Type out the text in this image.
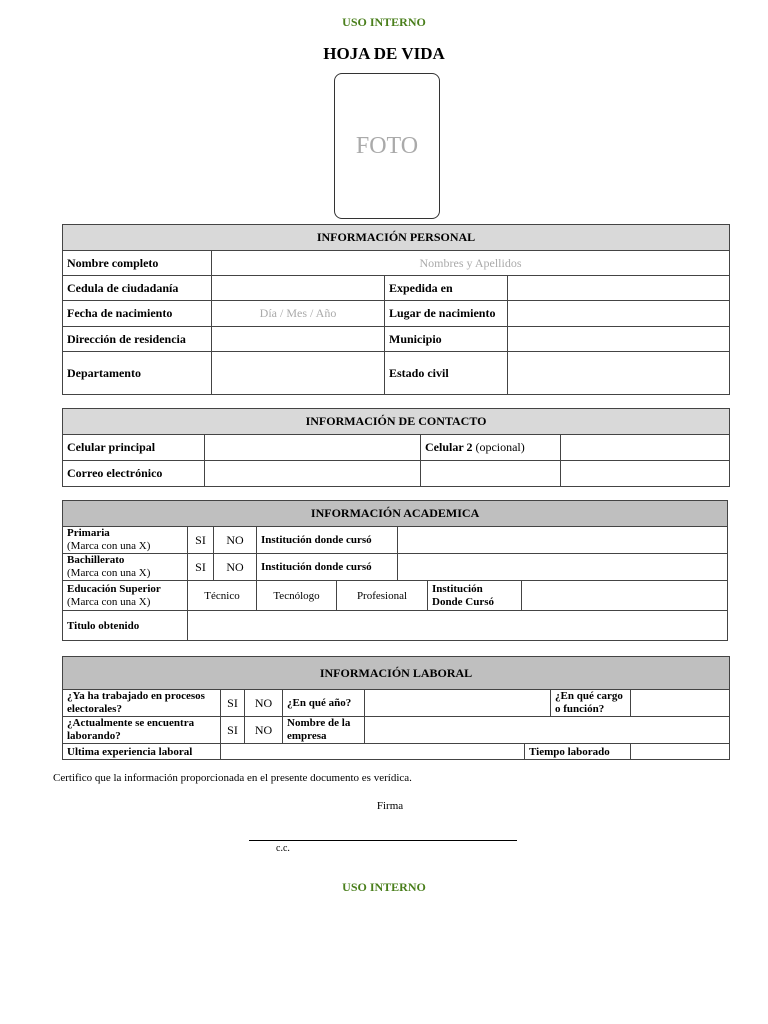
USO INTERNO
HOJA DE VIDA
FOTO
INFORMACIÓN PERSONAL			
Nombre completo	Nombres y Apellidos		
Cedula de ciudadanía		Expedida en	
Fecha de nacimiento	Día / Mes / Año	Lugar de nacimiento	
Dirección de residencia		Municipio	
Departamento		Estado civil	
INFORMACIÓN DE CONTACTO			
Celular principal		Celular 2 (opcional)	
Correo electrónico			
INFORMACIÓN ACADEMICA							
Primaria
(Marca con una X)	SI	NO	Institución donde cursó				
Bachillerato
(Marca con una X)	SI	NO	Institución donde cursó				
Educación Superior
(Marca con una X)	Técnico		Tecnólogo	Profesional		Institución
Donde Cursó	
Titulo obtenido							
INFORMACIÓN LABORAL							
¿Ya ha trabajado en procesos electorales?	SI	NO	¿En qué año?			¿En qué cargo o función?	
¿Actualmente se encuentra laborando?	SI	NO	Nombre de la empresa				
Ultima experiencia laboral					Tiempo laborado		
Certifico que la información proporcionada en el presente documento es verídica.
Firma
c.c.
USO INTERNO
